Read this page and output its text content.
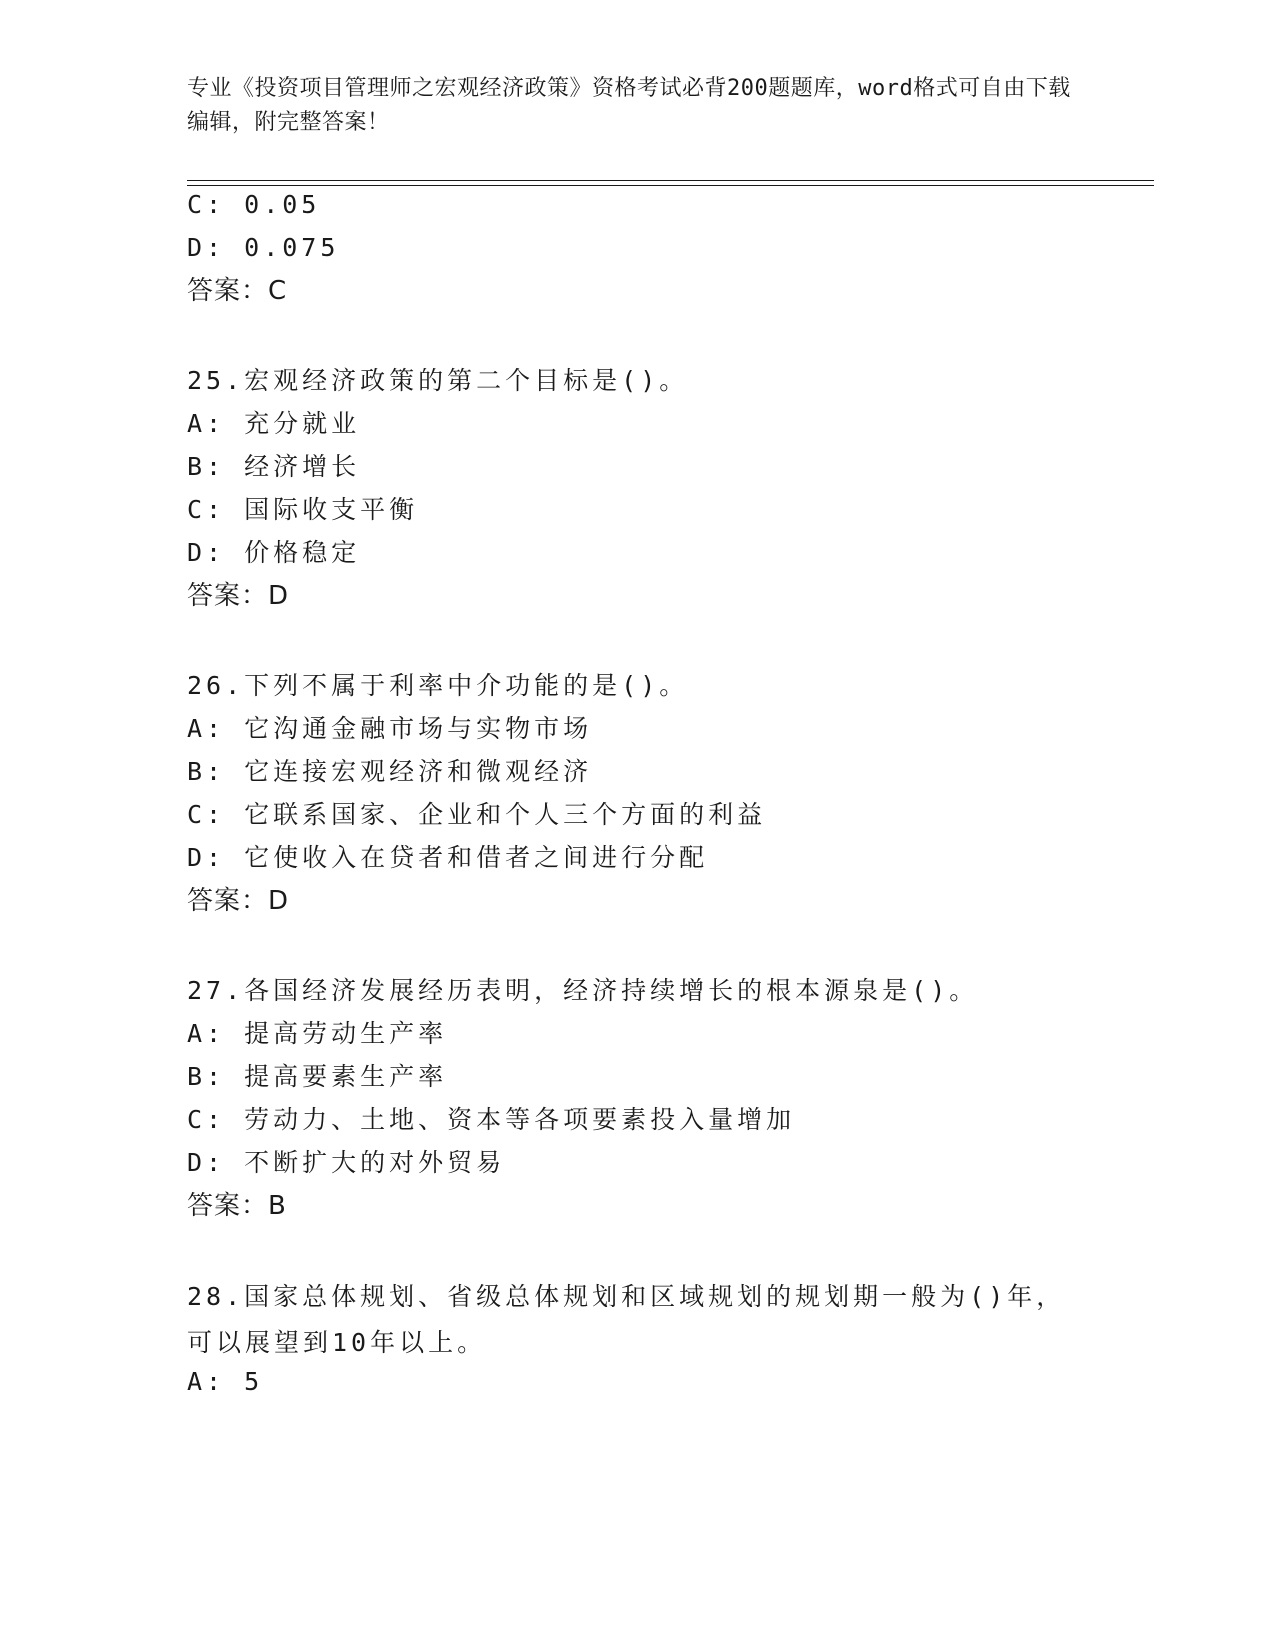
专业《投资项目管理师之宏观经济政策》资格考试必背200题题库，word格式可自由下载编辑，附完整答案！
C: 0.05
D: 0.075
答案：C
25.宏观经济政策的第二个目标是()。
A: 充分就业
B: 经济增长
C: 国际收支平衡
D: 价格稳定
答案：D
26.下列不属于利率中介功能的是()。
A: 它沟通金融市场与实物市场
B: 它连接宏观经济和微观经济
C: 它联系国家、企业和个人三个方面的利益
D: 它使收入在贷者和借者之间进行分配
答案：D
27.各国经济发展经历表明，经济持续增长的根本源泉是()。
A: 提高劳动生产率
B: 提高要素生产率
C: 劳动力、土地、资本等各项要素投入量增加
D: 不断扩大的对外贸易
答案：B
28.国家总体规划、省级总体规划和区域规划的规划期一般为()年，可以展望到10年以上。
A: 5
